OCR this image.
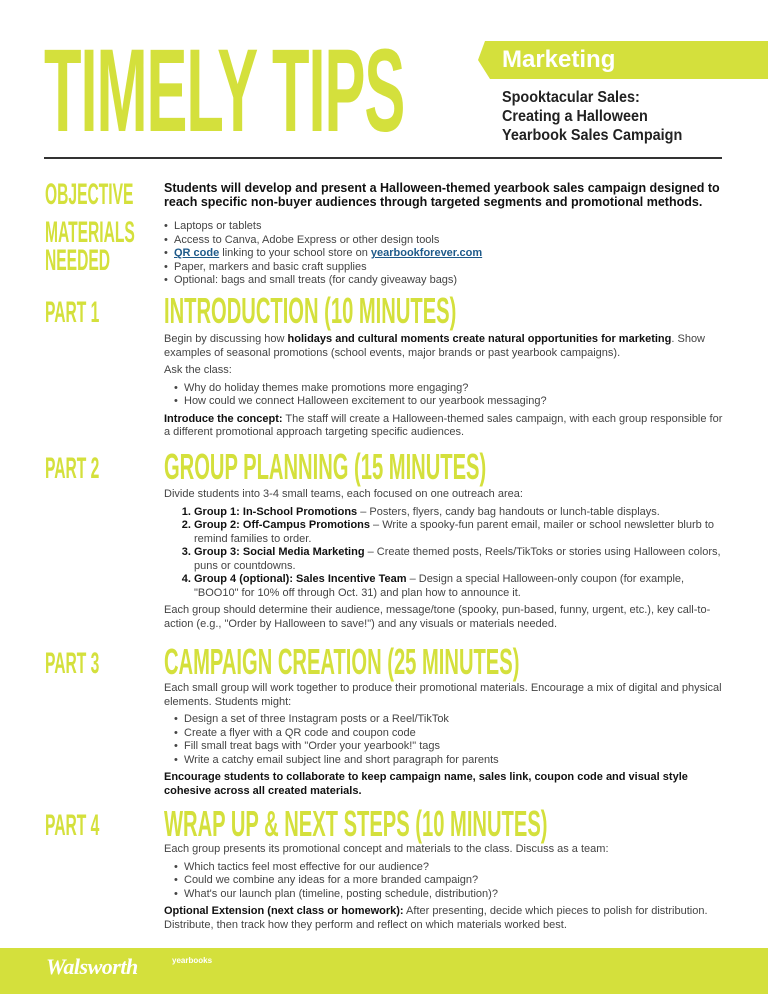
TIMELY TIPS	Marketing
Spooktacular Sales:
Creating a Halloween
Yearbook Sales Campaign
OBJECTIVE Students will develop and present a Halloween-themed yearbook sales campaign designed to reach specific non-buyer audiences through targeted segments and promotional methods.
MATERIALS
NEEDED
• Laptops or tablets
• Access to Canva, Adobe Express or other design tools
• QR code linking to your school store on yearbookforever.com
• Paper, markers and basic craft supplies
• Optional: bags and small treats (for candy giveaway bags)
PART 1 INTRODUCTION (10 MINUTES)

Begin by discussing how holidays and cultural moments create natural opportunities for marketing. Show examples of seasonal promotions (school events, major brands or past yearbook campaigns).

Ask the class:

• Why do holiday themes make promotions more engaging?
• How could we connect Halloween excitement to our yearbook messaging?

Introduce the concept: The staff will create a Halloween-themed sales campaign, with each group responsible for a different promotional approach targeting specific audiences.

PART 2 GROUP PLANNING (15 MINUTES)

Divide students into 3-4 small teams, each focused on one outreach area:

1. Group 1: In-School Promotions – Posters, flyers, candy bag handouts or lunch-table displays.
2. Group 2: Off-Campus Promotions – Write a spooky-fun parent email, mailer or school newsletter blurb to remind families to order.
3. Group 3: Social Media Marketing – Create themed posts, Reels/TikToks or stories using Halloween colors, puns or countdowns.
4. Group 4 (optional): Sales Incentive Team – Design a special Halloween-only coupon (for example, "BOO10" for 10% off through Oct. 31) and plan how to announce it.

Each group should determine their audience, message/tone (spooky, pun-based, funny, urgent, etc.), key call-to-action (e.g., "Order by Halloween to save!") and any visuals or materials needed.

PART 3 CAMPAIGN CREATION (25 MINUTES)

Each small group will work together to produce their promotional materials. Encourage a mix of digital and physical elements. Students might:

• Design a set of three Instagram posts or a Reel/TikTok
• Create a flyer with a QR code and coupon code
• Fill small treat bags with "Order your yearbook!" tags
• Write a catchy email subject line and short paragraph for parents

Encourage students to collaborate to keep campaign name, sales link, coupon code and visual style cohesive across all created materials.

PART 4 WRAP UP & NEXT STEPS (10 MINUTES)

Each group presents its promotional concept and materials to the class. Discuss as a team:

• Which tactics feel most effective for our audience?
• Could we combine any ideas for a more branded campaign?
• What's our launch plan (timeline, posting schedule, distribution)?

Optional Extension (next class or homework): After presenting, decide which pieces to polish for distribution. Distribute, then track how they perform and reflect on which materials worked best.

Walsworth	yearbooks
